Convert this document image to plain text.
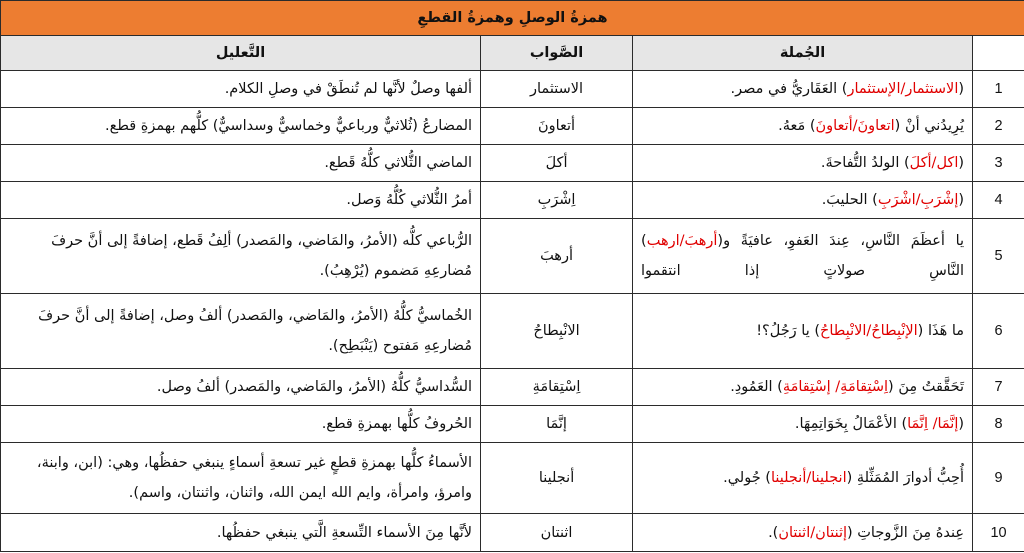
همزةُ الوصلِ وهمزةُ القطعِ			
	الجُملة	الصَّواب	التَّعليل
1	(الاستثمار/الإستثمار) العَقَاريُّ في مصر.	الاستثمار	ألفها وصلٌ لأنَّها لم تُنطَقْ في وصلِ الكلام.
2	يُرِيدُني أنْ (اتعاونَ/أتعاونَ) مَعهُ.	أتعاونَ	المضارعُ (ثُلاثيٌّ ورباعيٌّ وخماسيٌّ وسداسيٌّ) كلُّهم بهمزةِ قطع.
3	(اكل/أكلَ) الولدُ التُّفاحةَ.	أكلَ	الماضي الثُّلاثي كلُّهُ قَطع.
4	(إشْرَبِ/اشْرَبِ) الحليبَ.	اِشْرَبِ	أمرُ الثُّلاثي كُلُّهُ وَصل.
5	يا أعظَمَ النَّاسِ، عِندَ العَفوِ، عافيَةً و(أرهبَ/ارهب) النَّاسِ صولاتٍ إذا انتقموا	أرهبَ	الرُّباعي كلُّه (الأمرُ، والمَاضي، والمَصدر) ألِفُ قَطع، إضافةً إلى أنَّ حرفَ مُضارعِهِ مَضموم (يُرْهِبُ).
6	ما هَذَا (الإنْبِطاحُ/الانْبِطاحُ) يا رَجُلُ؟!	الانْبِطاحُ	الخُماسيُّ كلُّهُ (الأمرُ، والمَاضي، والمَصدر) ألفُ وصل، إضافةً إلى أنَّ حرفَ مُضارعِهِ مَفتوح (يَنْبَطِح).
7	تَحَقَّقتُ مِنَ (اِسْتِقامَةِ/ إسْتِقامَةِ) العَمُودِ.	اِسْتِقامَةِ	السُّداسيُّ كلُّهُ (الأمرُ، والمَاضي، والمَصدر) ألفُ وصل.
8	(إنَّمَا/ اِنَّمَا) الأعْمَالُ بِخَوَاتِمِهَا.	إنَّمَا	الحُروفُ كلُّها بهمزةِ قطع.
9	أُحِبُّ أدوارَ المُمَثِّلةِ (انجلينا/أنجلينا) جُولي.	أنجلينا	الأسماءُ كلُّها بهمزةِ قطعٍ غير تسعةِ أسماءٍ ينبغي حفظُها، وهي: (ابن، وابنة، وامرؤ، وامرأة، وايم الله ايمن الله، واثنان، واثنتان، واسم).
10	عِندهُ مِنَ الزَّوجاتِ (إثنتان/اثنتان).	اثنتان	لأنَّها مِنَ الأسماء التِّسعةِ الَّتي ينبغي حفظُها.
